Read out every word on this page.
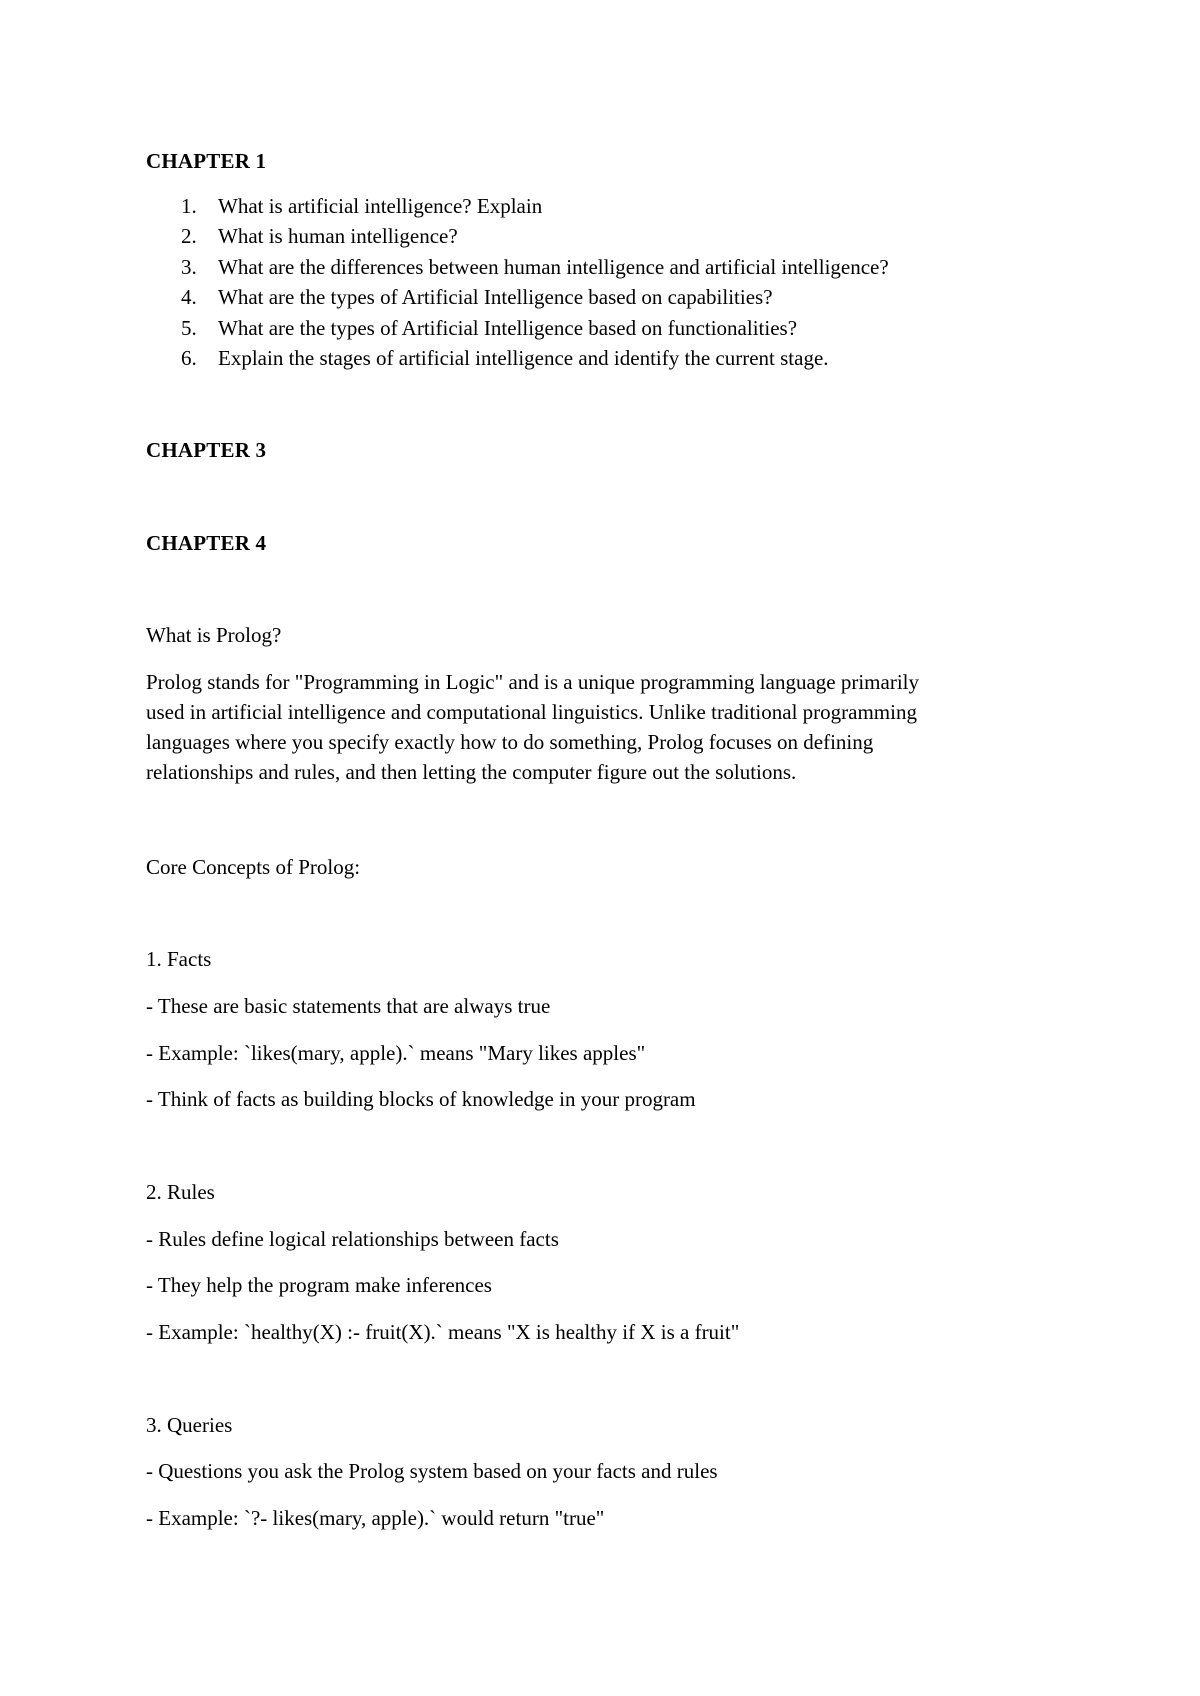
CHAPTER 1

1. What is artificial intelligence? Explain
2. What is human intelligence?
3. What are the differences between human intelligence and artificial intelligence?
4. What are the types of Artificial Intelligence based on capabilities?
5. What are the types of Artificial Intelligence based on functionalities?
6. Explain the stages of artificial intelligence and identify the current stage.

CHAPTER 3

CHAPTER 4

What is Prolog?

Prolog stands for "Programming in Logic" and is a unique programming language primarily
used in artificial intelligence and computational linguistics. Unlike traditional programming
languages where you specify exactly how to do something, Prolog focuses on defining
relationships and rules, and then letting the computer figure out the solutions.

Core Concepts of Prolog:

1. Facts

- These are basic statements that are always true

- Example: `likes(mary, apple).` means "Mary likes apples"

- Think of facts as building blocks of knowledge in your program

2. Rules

- Rules define logical relationships between facts

- They help the program make inferences

- Example: `healthy(X) :- fruit(X).` means "X is healthy if X is a fruit"

3. Queries

- Questions you ask the Prolog system based on your facts and rules

- Example: `?- likes(mary, apple).` would return "true"
